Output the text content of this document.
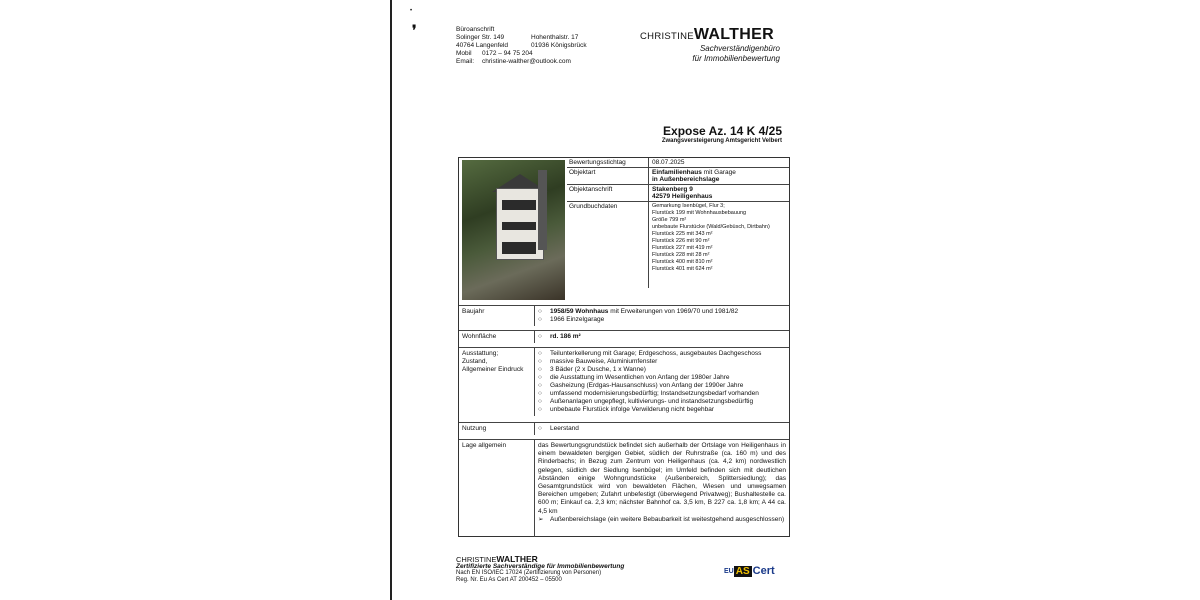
•
❜	Büroanschrift
Solinger Str. 149	Hohenthalstr. 17
40764 Langenfeld	01936 Königsbrück
Mobil	0172 – 94 75 204
Email:	christine-walther@outlook.com
CHRISTINEWALTHER
Sachverständigenbüro
für Immobilienbewertung
Expose Az. 14 K 4/25
Zwangsversteigerung Amtsgericht Velbert
Bewertungsstichtag	08.07.2025
Objektart	Einfamilienhaus mit Garage
in Außenbereichslage
Objektanschrift	Stakenberg 9
42579 Heiligenhaus
Grundbuchdaten	Gemarkung Isenbügel, Flur 3;
Flurstück 199 mit Wohnhausbebauung
Größe 799 m²
unbebaute Flurstücke (Wald/Gebüsch, Dirtbahn)
Flurstück 225 mit 343 m²
Flurstück 226 mit 90 m²
Flurstück 227 mit 419 m²
Flurstück 228 mit 28 m²
Flurstück 400 mit 810 m²
Flurstück 401 mit 624 m²
Baujahr	○	1958/59 Wohnhaus mit Erweiterungen von 1969/70 und 1981/82
○	1966 Einzelgarage
Wohnfläche	○	rd. 186 m²
Ausstattung;
Zustand,
Allgemeiner Eindruck
○	Teilunterkellerung mit Garage; Erdgeschoss, ausgebautes Dachgeschoss
○	massive Bauweise, Aluminiumfenster
○	3 Bäder (2 x Dusche, 1 x Wanne)
○	die Ausstattung im Wesentlichen von Anfang der 1980er Jahre
○	Gasheizung (Erdgas-Hausanschluss) von Anfang der 1990er Jahre
○	umfassend modernisierungsbedürftig; Instandsetzungsbedarf vorhanden
○	Außenanlagen ungepflegt, kultivierungs- und instandsetzungsbedürftig
○	unbebaute Flurstück infolge Verwilderung nicht begehbar
Nutzung	○	Leerstand
Lage allgemein	das Bewertungsgrundstück befindet sich außerhalb der Ortslage von Heiligenhaus in einem bewaldeten bergigen Gebiet, südlich der Ruhrstraße (ca. 160 m) und des Rinderbachs; in Bezug zum Zentrum von Heiligenhaus (ca. 4,2 km) nordwestlich gelegen, südlich der Siedlung Isenbügel; im Umfeld befinden sich mit deutlichen Abständen einige Wohngrundstücke (Außenbereich, Splittersiedlung); das Gesamtgrundstück wird von bewaldeten Flächen, Wiesen und unwegsamen Bereichen umgeben; Zufahrt unbefestigt (überwiegend Privatweg); Bushaltestelle ca. 600 m; Einkauf ca. 2,3 km; nächster Bahnhof ca. 3,5 km, B 227 ca. 1,8 km; A 44 ca. 4,5 km
➢	Außenbereichslage (ein weitere Bebaubarkeit ist weitestgehend ausgeschlossen)
CHRISTINEWALTHER
Zertifizierte Sachverständige für Immobilienbewertung
Nach EN ISO/IEC 17024 (Zertifizierung von Personen)
Reg. Nr. Eu As Cert AT 200452 – 05500
EU AS Cert
